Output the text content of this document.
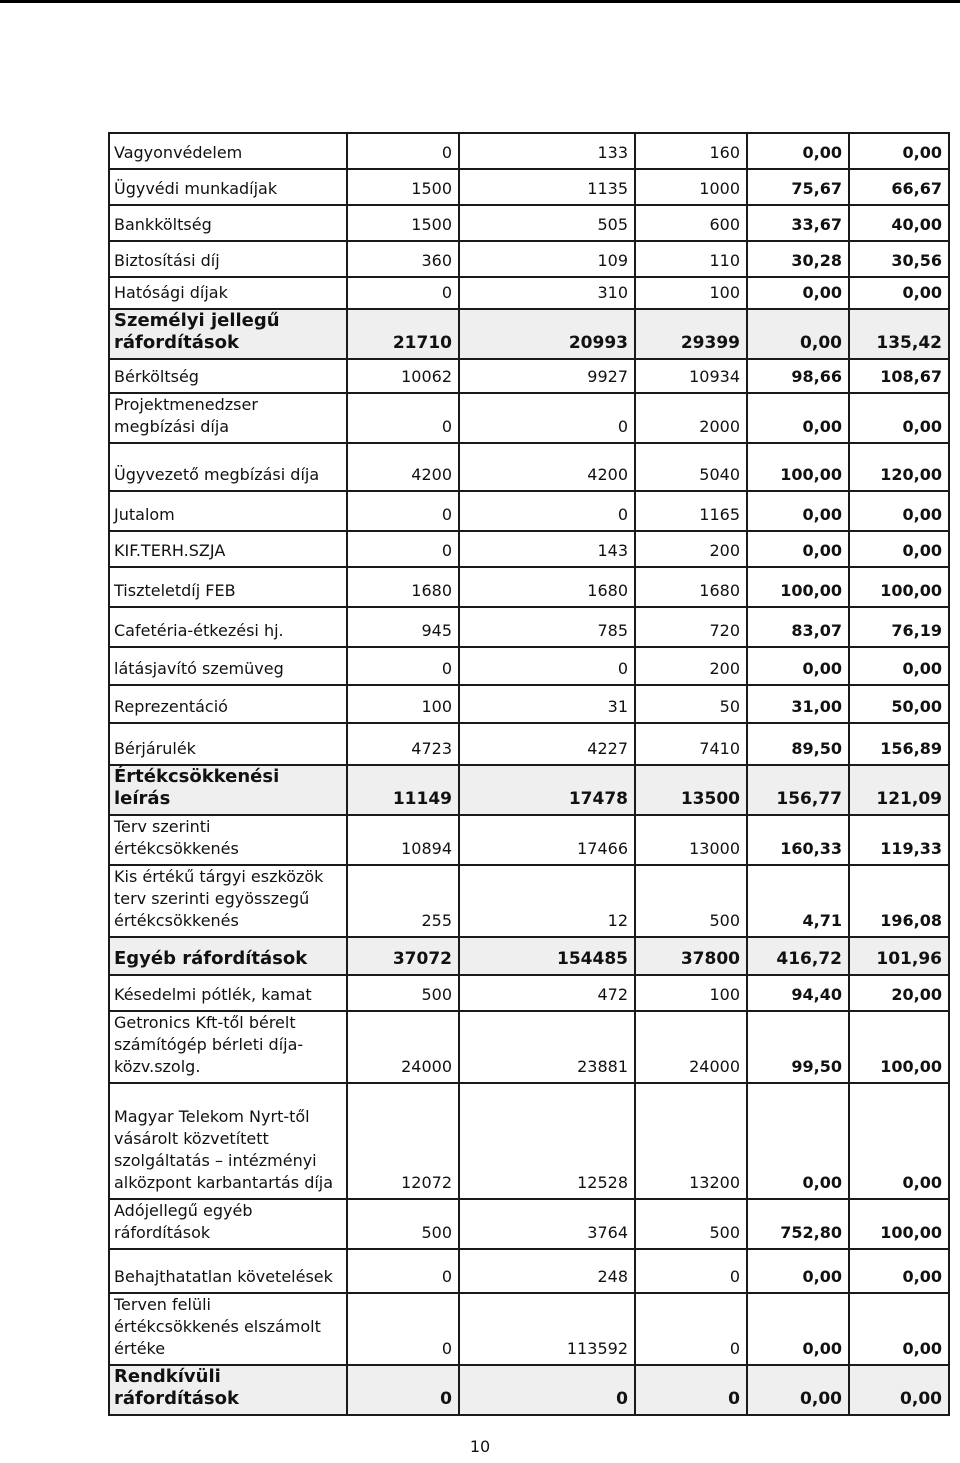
Vagyonvédelem	0	133	160	0,00	0,00
Ügyvédi munkadíjak	1500	1135	1000	75,67	66,67
Bankköltség	1500	505	600	33,67	40,00
Biztosítási díj	360	109	110	30,28	30,56
Hatósági díjak	0	310	100	0,00	0,00
Személyi jellegű ráfordítások	21710	20993	29399	0,00	135,42
Bérköltség	10062	9927	10934	98,66	108,67
Projektmenedzser megbízási díja	0	0	2000	0,00	0,00
Ügyvezető megbízási díja	4200	4200	5040	100,00	120,00
Jutalom	0	0	1165	0,00	0,00
KIF.TERH.SZJA	0	143	200	0,00	0,00
Tiszteletdíj FEB	1680	1680	1680	100,00	100,00
Cafetéria-étkezési hj.	945	785	720	83,07	76,19
látásjavító szemüveg	0	0	200	0,00	0,00
Reprezentáció	100	31	50	31,00	50,00
Bérjárulék	4723	4227	7410	89,50	156,89
Értékcsökkenési leírás	11149	17478	13500	156,77	121,09
Terv szerinti értékcsökkenés	10894	17466	13000	160,33	119,33
Kis értékű tárgyi eszközök terv szerinti egyösszegű értékcsökkenés	255	12	500	4,71	196,08
Egyéb ráfordítások	37072	154485	37800	416,72	101,96
Késedelmi pótlék, kamat	500	472	100	94,40	20,00
Getronics Kft-től bérelt számítógép bérleti díja-közv.szolg.	24000	23881	24000	99,50	100,00
Magyar Telekom Nyrt-től vásárolt közvetített szolgáltatás – intézményi alközpont karbantartás díja	12072	12528	13200	0,00	0,00
Adójellegű egyéb ráfordítások	500	3764	500	752,80	100,00
Behajthatatlan követelések	0	248	0	0,00	0,00
Terven felüli értékcsökkenés elszámolt értéke	0	113592	0	0,00	0,00
Rendkívüli ráfordítások	0	0	0	0,00	0,00
10
